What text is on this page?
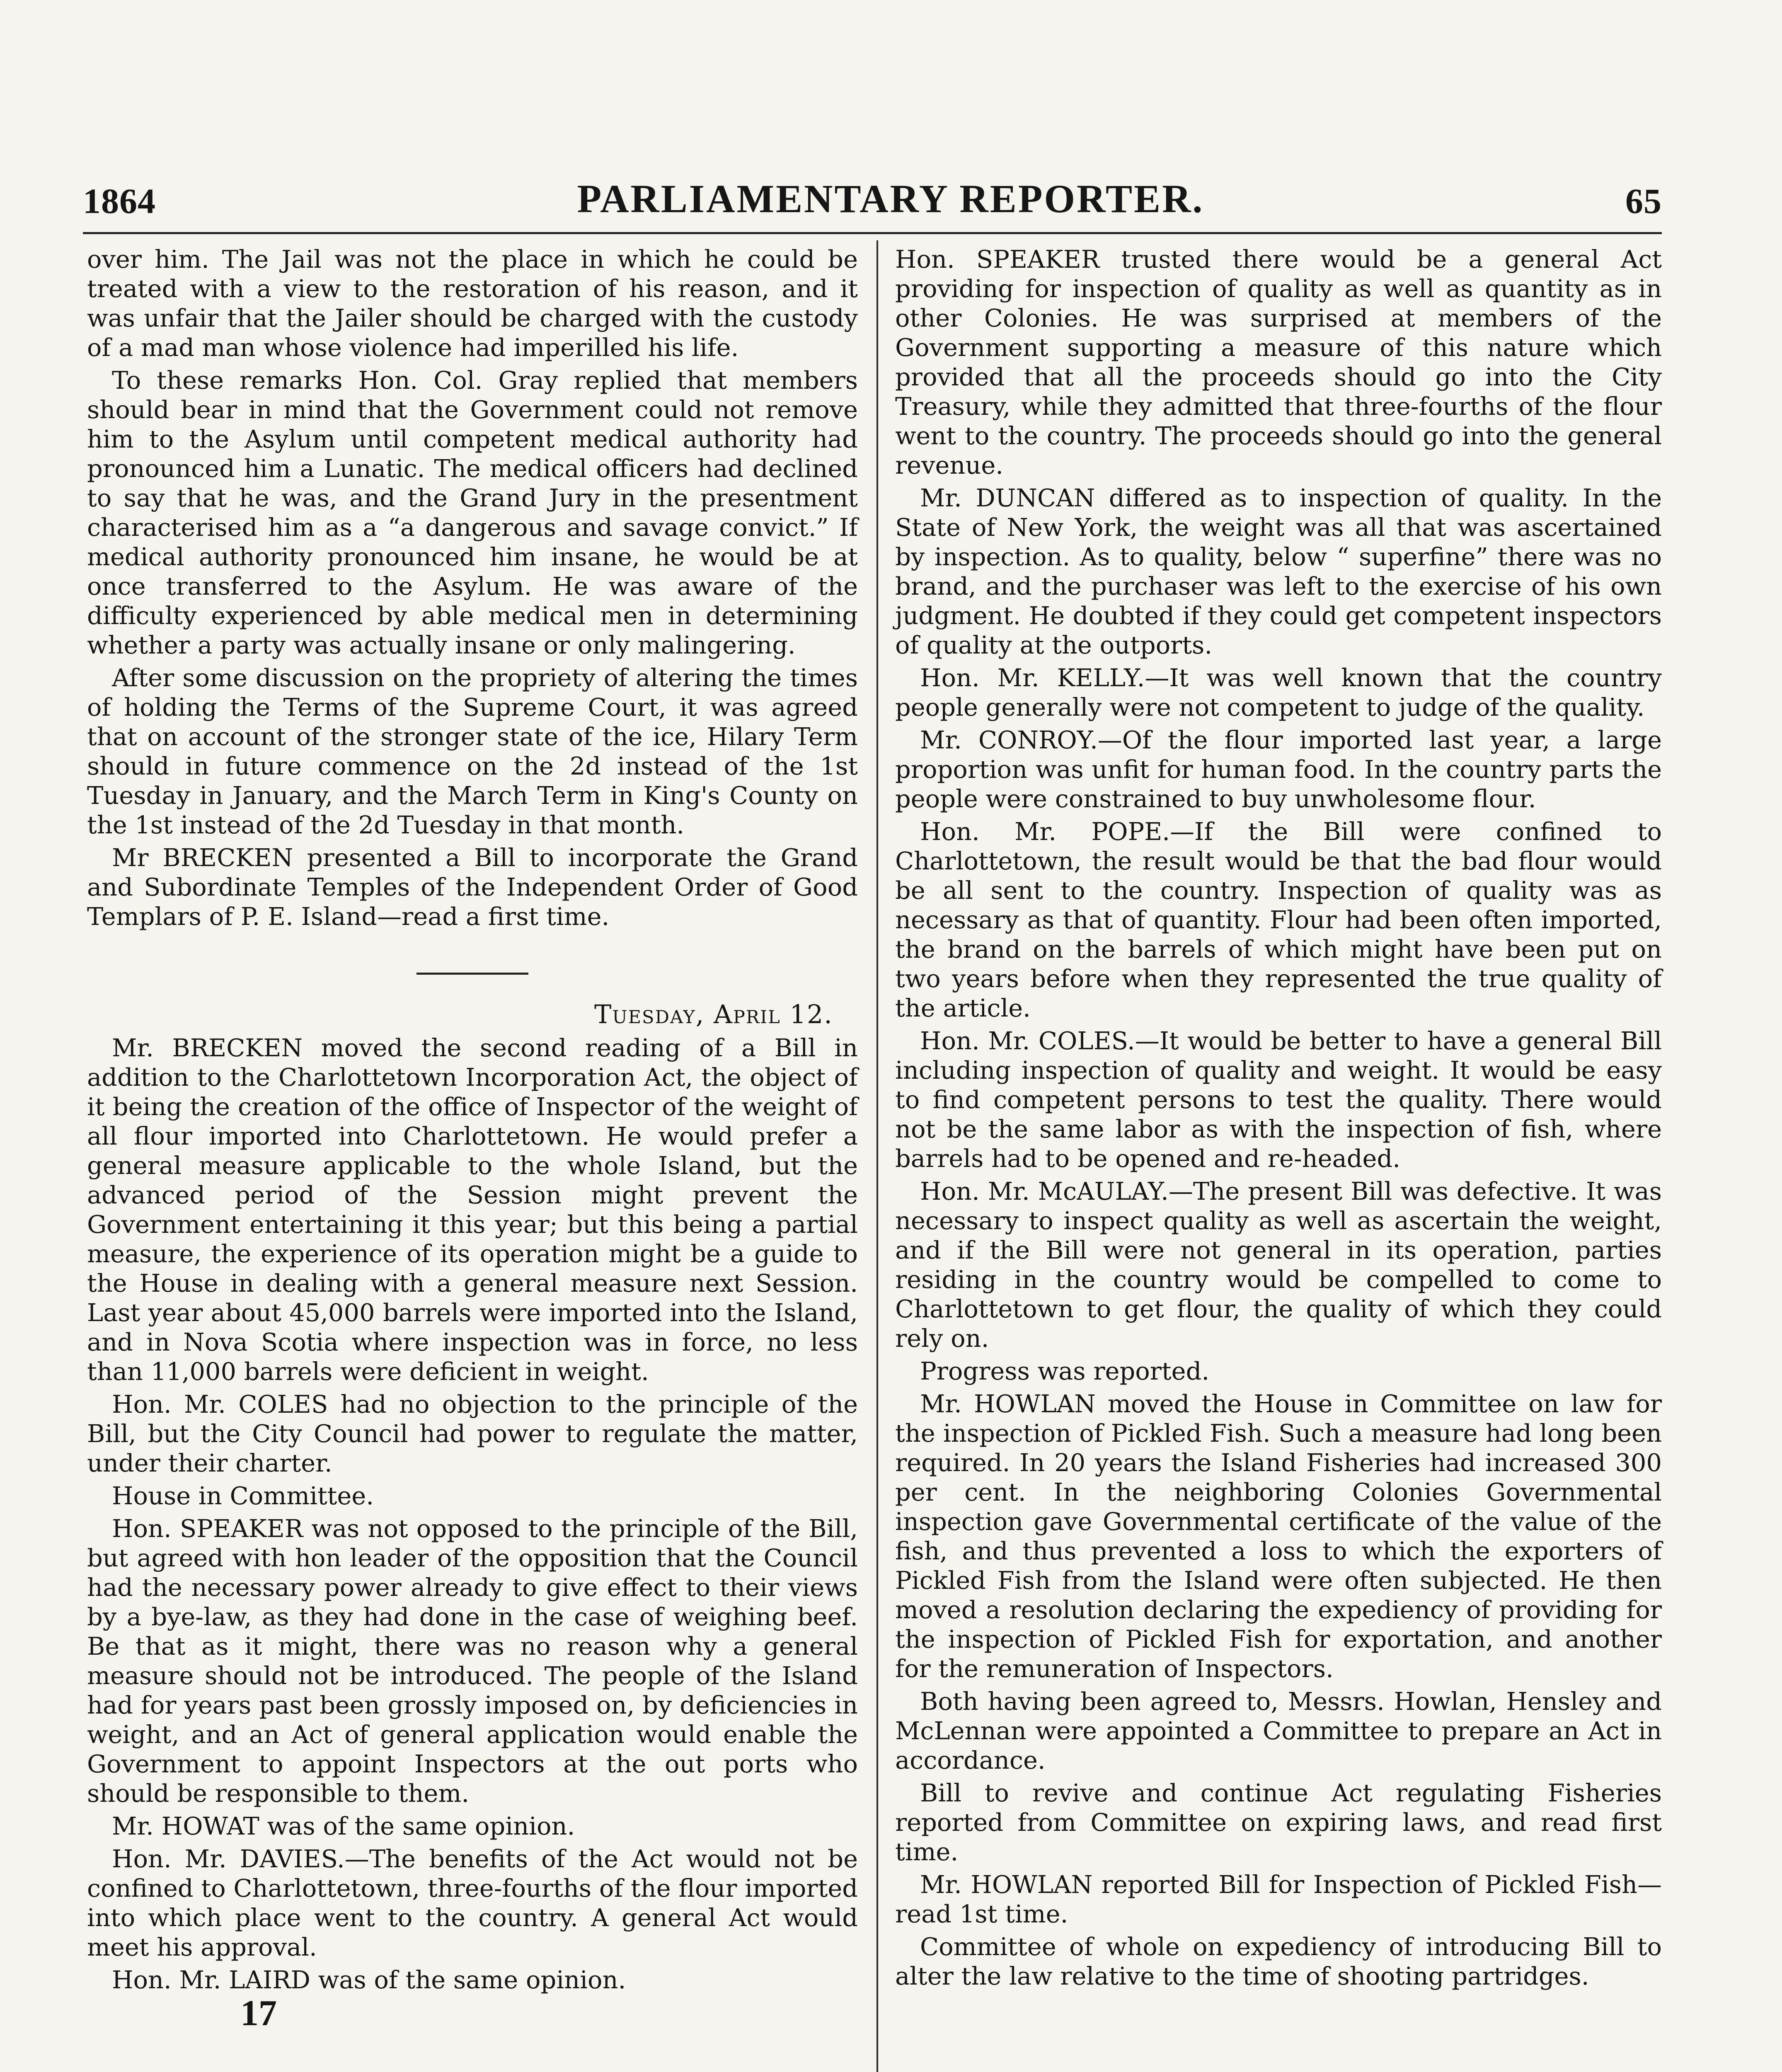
1864	PARLIAMENTARY REPORTER.	65

over him. The Jail was not the place in which he could be treated with a view to the restoration of his reason, and it was unfair that the Jailer should be charged with the custody of a mad man whose violence had imperilled his life.

To these remarks Hon. Col. Gray replied that members should bear in mind that the Government could not remove him to the Asylum until competent medical authority had pronounced him a Lunatic. The medical officers had declined to say that he was, and the Grand Jury in the presentment characterised him as a “a dangerous and savage convict.” If medical authority pronounced him insane, he would be at once transferred to the Asylum. He was aware of the difficulty experienced by able medical men in determining whether a party was actually insane or only malingering.

After some discussion on the propriety of altering the times of holding the Terms of the Supreme Court, it was agreed that on account of the stronger state of the ice, Hilary Term should in future commence on the 2d instead of the 1st Tuesday in January, and the March Term in King's County on the 1st instead of the 2d Tuesday in that month.

Mr BRECKEN presented a Bill to incorporate the Grand and Subordinate Temples of the Independent Order of Good Templars of P. E. Island—read a first time.

Tuesday, April 12.

Mr. BRECKEN moved the second reading of a Bill in addition to the Charlottetown Incorporation Act, the object of it being the creation of the office of Inspector of the weight of all flour imported into Charlottetown. He would prefer a general measure applicable to the whole Island, but the advanced period of the Session might prevent the Government entertaining it this year; but this being a partial measure, the experience of its operation might be a guide to the House in dealing with a general measure next Session. Last year about 45,000 barrels were imported into the Island, and in Nova Scotia where inspection was in force, no less than 11,000 barrels were deficient in weight.

Hon. Mr. COLES had no objection to the principle of the Bill, but the City Council had power to regulate the matter, under their charter.

House in Committee.

Hon. SPEAKER was not opposed to the principle of the Bill, but agreed with hon leader of the opposition that the Council had the necessary power already to give effect to their views by a bye-law, as they had done in the case of weighing beef. Be that as it might, there was no reason why a general measure should not be introduced. The people of the Island had for years past been grossly imposed on, by deficiencies in weight, and an Act of general application would enable the Government to appoint Inspectors at the out ports who should be responsible to them.

Mr. HOWAT was of the same opinion.

Hon. Mr. DAVIES.—The benefits of the Act would not be confined to Charlottetown, three-fourths of the flour imported into which place went to the country. A general Act would meet his approval.

Hon. Mr. LAIRD was of the same opinion.

17

Hon. SPEAKER trusted there would be a general Act providing for inspection of quality as well as quantity as in other Colonies. He was surprised at members of the Government supporting a measure of this nature which provided that all the proceeds should go into the City Treasury, while they admitted that three-fourths of the flour went to the country. The proceeds should go into the general revenue.

Mr. DUNCAN differed as to inspection of quality. In the State of New York, the weight was all that was ascertained by inspection. As to quality, below “ superfine” there was no brand, and the purchaser was left to the exercise of his own judgment. He doubted if they could get competent inspectors of quality at the outports.

Hon. Mr. KELLY.—It was well known that the country people generally were not competent to judge of the quality.

Mr. CONROY.—Of the flour imported last year, a large proportion was unfit for human food. In the country parts the people were constrained to buy unwholesome flour.

Hon. Mr. POPE.—If the Bill were confined to Charlottetown, the result would be that the bad flour would be all sent to the country. Inspection of quality was as necessary as that of quantity. Flour had been often imported, the brand on the barrels of which might have been put on two years before when they represented the true quality of the article.

Hon. Mr. COLES.—It would be better to have a general Bill including inspection of quality and weight. It would be easy to find competent persons to test the quality. There would not be the same labor as with the inspection of fish, where barrels had to be opened and re-headed.

Hon. Mr. McAULAY.—The present Bill was defective. It was necessary to inspect quality as well as ascertain the weight, and if the Bill were not general in its operation, parties residing in the country would be compelled to come to Charlottetown to get flour, the quality of which they could rely on.

Progress was reported.

Mr. HOWLAN moved the House in Committee on law for the inspection of Pickled Fish. Such a measure had long been required. In 20 years the Island Fisheries had increased 300 per cent. In the neighboring Colonies Governmental inspection gave Governmental certificate of the value of the fish, and thus prevented a loss to which the exporters of Pickled Fish from the Island were often subjected. He then moved a resolution declaring the expediency of providing for the inspection of Pickled Fish for exportation, and another for the remuneration of Inspectors.

Both having been agreed to, Messrs. Howlan, Hensley and McLennan were appointed a Committee to prepare an Act in accordance.

Bill to revive and continue Act regulating Fisheries reported from Committee on expiring laws, and read first time.

Mr. HOWLAN reported Bill for Inspection of Pickled Fish—read 1st time.

Committee of whole on expediency of introducing Bill to alter the law relative to the time of shooting partridges.
